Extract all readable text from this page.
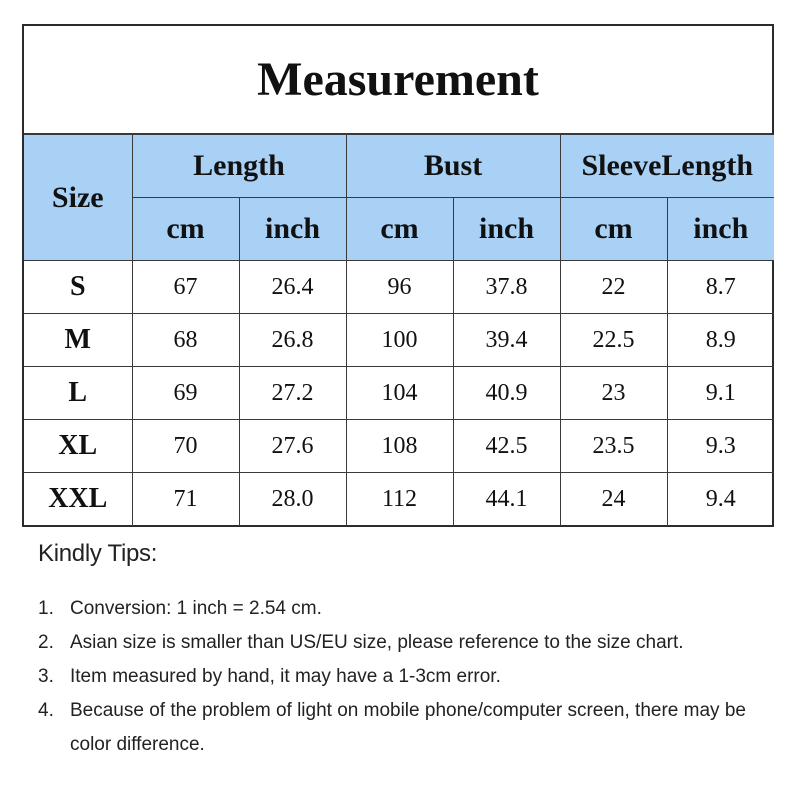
Measurement
Size	Length		Bust		SleeveLength	
	cm	inch	cm	inch	cm	inch
S	67	26.4	96	37.8	22	8.7
M	68	26.8	100	39.4	22.5	8.9
L	69	27.2	104	40.9	23	9.1
XL	70	27.6	108	42.5	23.5	9.3
XXL	71	28.0	112	44.1	24	9.4
Kindly Tips:
1. Conversion: 1 inch = 2.54 cm.
2. Asian size is smaller than US/EU size, please reference to the size chart.
3. Item measured by hand, it may have a 1-3cm error.
4. Because of the problem of light on mobile phone/computer screen, there may be color difference.
